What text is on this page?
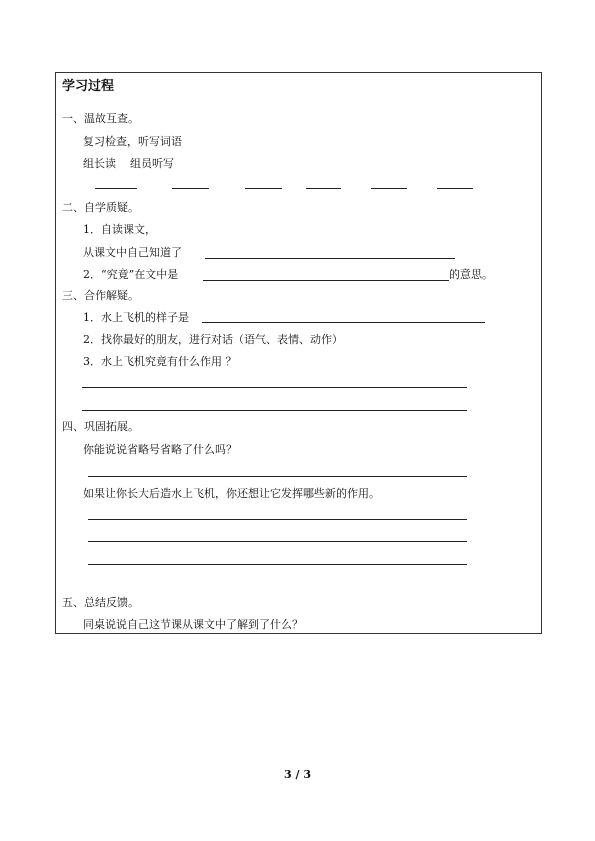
学习过程
一、温故互查。
复习检查，听写词语
组长读    组员听写
二、自学质疑。
1．自读课文，
从课文中自己知道了
2．“究竟”在文中是	的意思。
三、合作解疑。
1．水上飞机的样子是
2．找你最好的朋友，进行对话（语气、表情、动作）
3．水上飞机究竟有什么作用 ？
四、巩固拓展。
你能说说省略号省略了什么吗？
如果让你长大后造水上飞机，你还想让它发挥哪些新的作用。
五、总结反馈。
同桌说说自己这节课从课文中了解到了什么？
3 / 3
